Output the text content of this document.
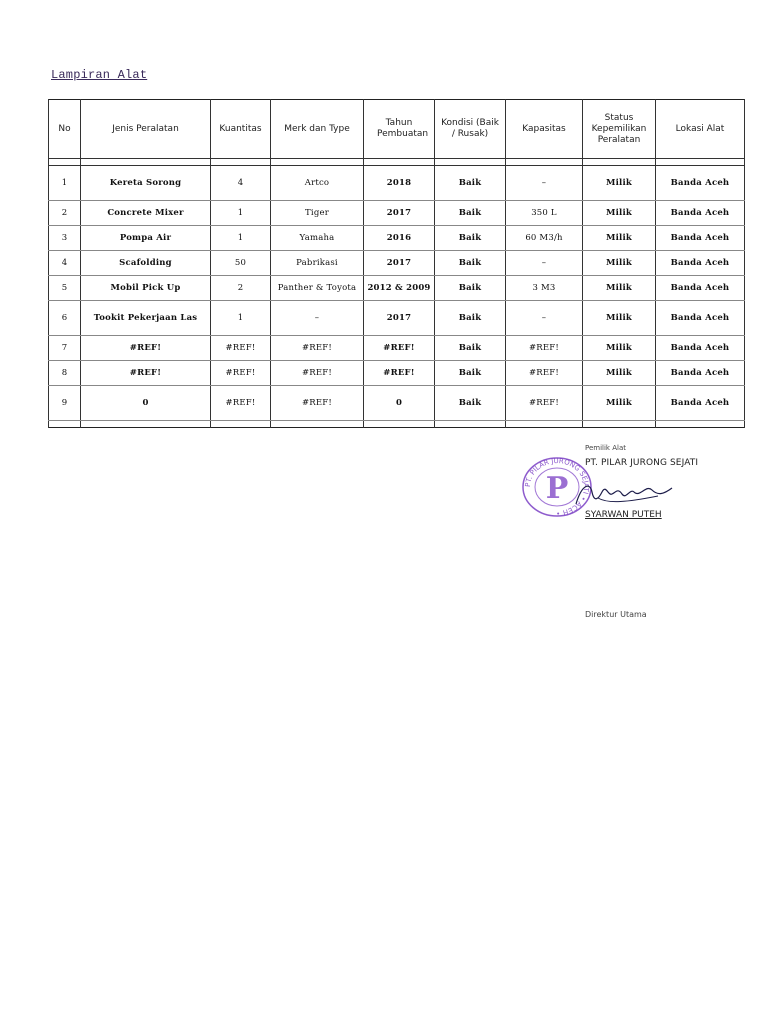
Lampiran Alat
No	Jenis Peralatan	Kuantitas	Merk dan Type	Tahun Pembuatan	Kondisi (Baik / Rusak)	Kapasitas	Status Kepemilikan Peralatan	Lokasi Alat

1	Kereta Sorong	4	Artco	2018	Baik	–	Milik	Banda Aceh
2	Concrete Mixer	1	Tiger	2017	Baik	350 L	Milik	Banda Aceh
3	Pompa Air	1	Yamaha	2016	Baik	60 M3/h	Milik	Banda Aceh
4	Scafolding	50	Pabrikasi	2017	Baik	–	Milik	Banda Aceh
5	Mobil Pick Up	2	Panther & Toyota	2012 & 2009	Baik	3 M3	Milik	Banda Aceh
6	Tookit Pekerjaan Las	1	–	2017	Baik	–	Milik	Banda Aceh
7	#REF!	#REF!	#REF!	#REF!	Baik	#REF!	Milik	Banda Aceh
8	#REF!	#REF!	#REF!	#REF!	Baik	#REF!	Milik	Banda Aceh
9	0	#REF!	#REF!	0	Baik	#REF!	Milik	Banda Aceh

PT. PILAR JURONG SEJATI • ACEH •
P
Pemilik Alat
PT. PILAR JURONG SEJATI
SYARWAN PUTEH
Direktur Utama
